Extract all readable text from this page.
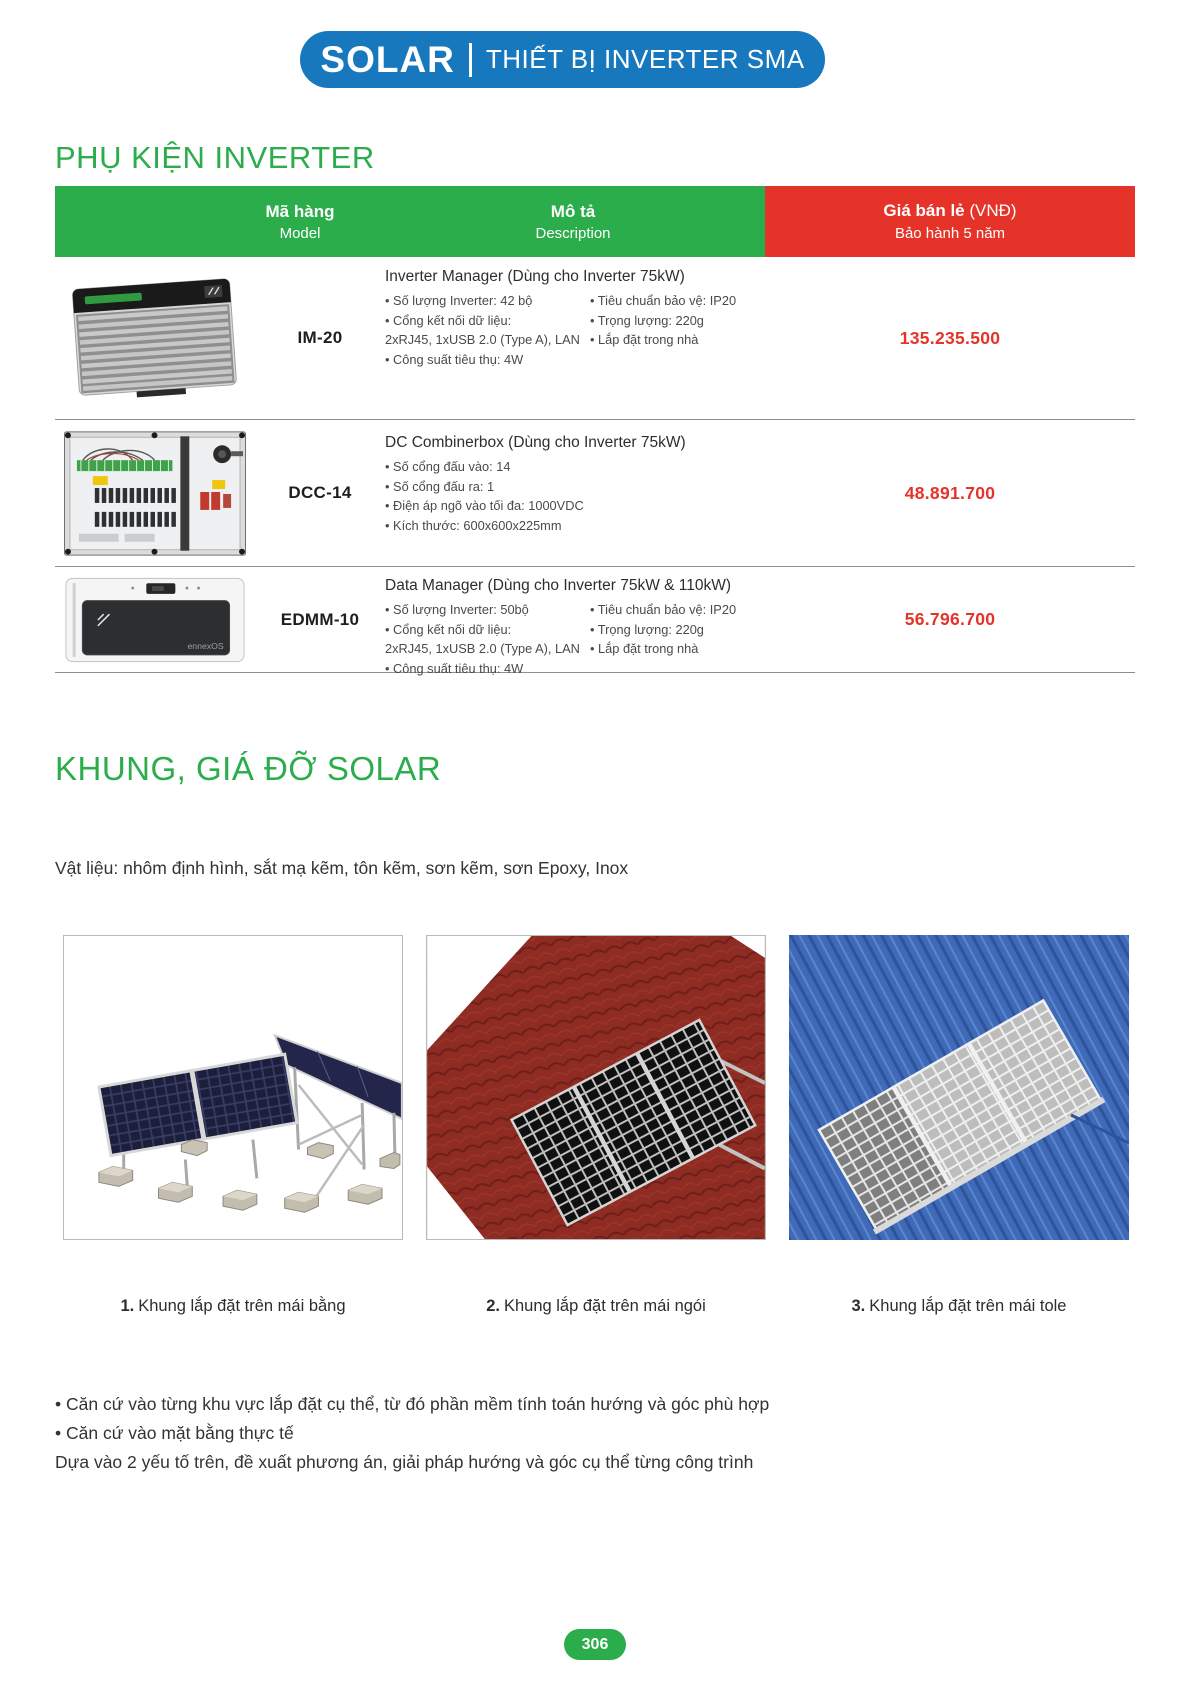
SOLAR THIẾT BỊ INVERTER SMA
PHỤ KIỆN INVERTER
Mã hàng
Model
Mô tả
Description
Giá bán lẻ (VNĐ)
Bảo hành 5 năm
IM-20
Inverter Manager (Dùng cho Inverter 75kW)
• Số lượng Inverter: 42 bộ
• Cổng kết nối dữ liệu:
2xRJ45, 1xUSB 2.0 (Type A), LAN
• Công suất tiêu thụ: 4W
• Tiêu chuẩn bảo vệ: IP20
• Trọng lượng: 220g
• Lắp đặt trong nhà	135.235.500
DCC-14
DC Combinerbox (Dùng cho Inverter 75kW)
• Số cổng đấu vào: 14
• Số cổng đấu ra: 1
• Điện áp ngõ vào tối đa: 1000VDC
• Kích thước: 600x600x225mm
48.891.700
ennexOS
EDMM-10
Data Manager (Dùng cho Inverter 75kW & 110kW)
• Số lượng Inverter: 50bộ
• Cổng kết nối dữ liệu:
2xRJ45, 1xUSB 2.0 (Type A), LAN
• Công suất tiêu thụ: 4W
• Tiêu chuẩn bảo vệ: IP20
• Trọng lượng: 220g
• Lắp đặt trong nhà
56.796.700
KHUNG, GIÁ ĐỠ SOLAR
Vật liệu: nhôm định hình, sắt mạ kẽm, tôn kẽm, sơn kẽm, sơn Epoxy, Inox
1. Khung lắp đặt trên mái bằng	2. Khung lắp đặt trên mái ngói	3. Khung lắp đặt trên mái tole
• Căn cứ vào từng khu vực lắp đặt cụ thể, từ đó phần mềm tính toán hướng và góc phù hợp
• Căn cứ vào mặt bằng thực tế
Dựa vào 2 yếu tố trên, đề xuất phương án, giải pháp hướng và góc cụ thể từng công trình
306
